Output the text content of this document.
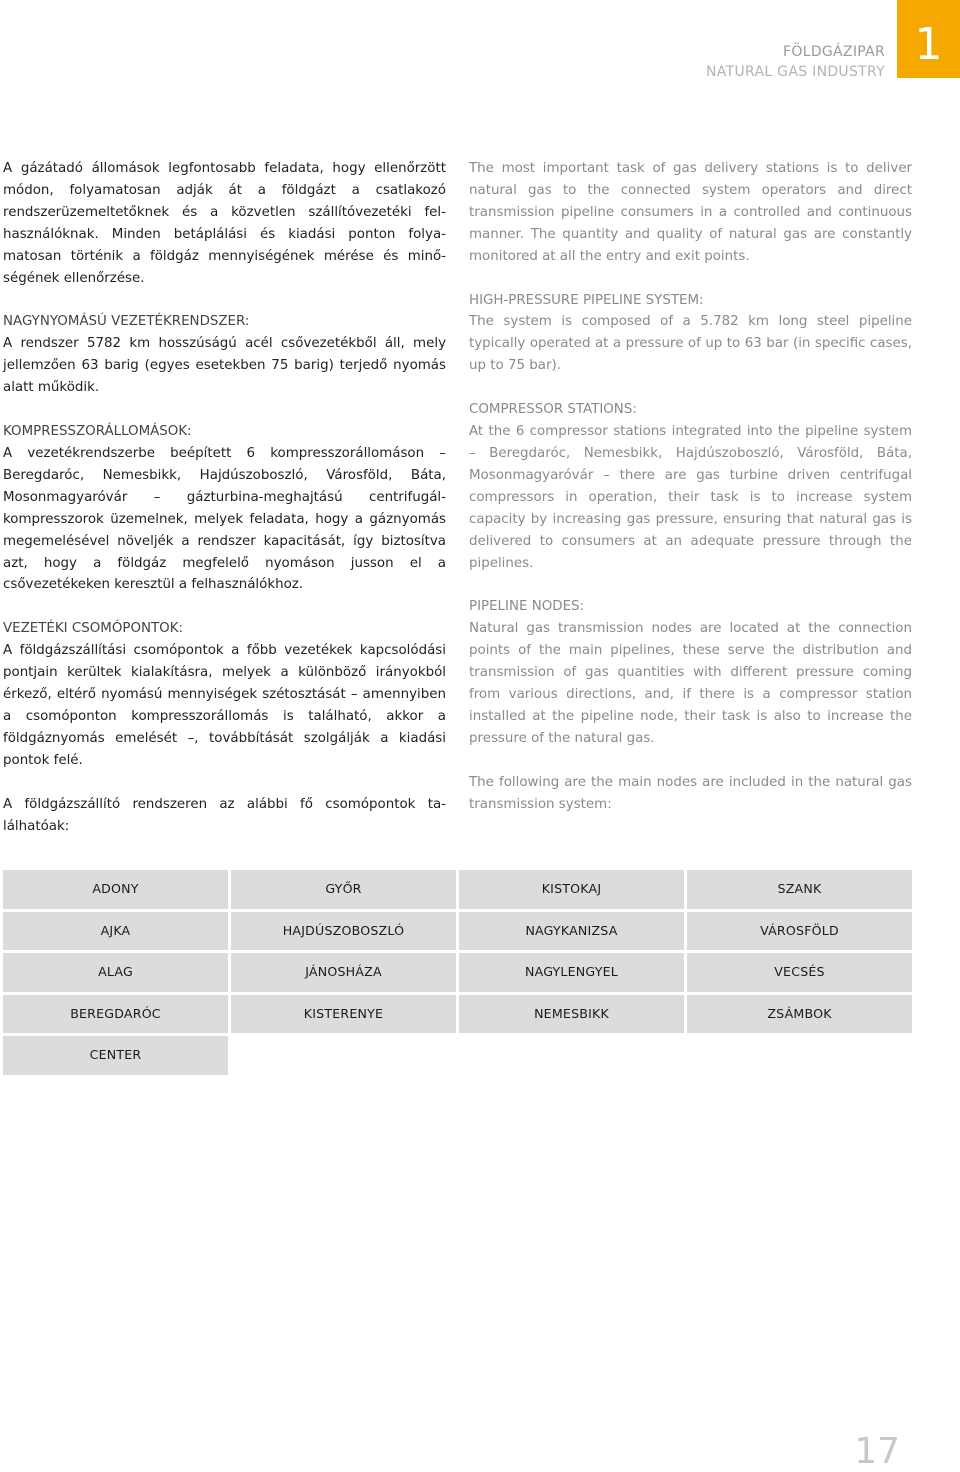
FÖLDGÁZIPAR
NATURAL GAS INDUSTRY
1

A gázátadó állomások legfontosabb feladata, hogy ellenőrzött módon, folyamatosan adják át a földgázt a csatlakozó rendszerüzemeltetőknek és a közvetlen szállítóvezetéki felhasználóknak. Minden betáplálási és kiadási ponton folyamatosan történik a földgáz mennyiségének mérése és minőségének ellenőrzése.

NAGYNYOMÁSÚ VEZETÉKRENDSZER:
A rendszer 5782 km hosszúságú acél csővezetékből áll, mely jellemzően 63 barig (egyes esetekben 75 barig) terjedő nyomás alatt működik.

KOMPRESSZORÁLLOMÁSOK:
A vezetékrendszerbe beépített 6 kompresszorállomáson – Beregdaróc, Nemesbikk, Hajdúszoboszló, Városföld, Báta, Mosonmagyaróvár – gázturbina-meghajtású centrifugálkompresszorok üzemelnek, melyek feladata, hogy a gáznyomás megemelésével növeljék a rendszer kapacitását, így biztosítva azt, hogy a földgáz megfelelő nyomáson jusson el a csővezetékeken keresztül a felhasználókhoz.

VEZETÉKI CSOMÓPONTOK:
A földgázszállítási csomópontok a főbb vezetékek kapcsolódási pontjain kerültek kialakításra, melyek a különböző irányokból érkező, eltérő nyomású mennyiségek szétosztását – amennyiben a csomóponton kompresszorállomás is található, akkor a földgáznyomás emelését –, továbbítását szolgálják a kiadási pontok felé.

A földgázszállító rendszeren az alábbi fő csomópontok találhatóak:

The most important task of gas delivery stations is to deliver natural gas to the connected system operators and direct transmission pipeline consumers in a controlled and continuous manner. The quantity and quality of natural gas are constantly monitored at all the entry and exit points.

HIGH-PRESSURE PIPELINE SYSTEM:
The system is composed of a 5.782 km long steel pipeline typically operated at a pressure of up to 63 bar (in specific cases, up to 75 bar).

COMPRESSOR STATIONS:
At the 6 compressor stations integrated into the pipeline system – Beregdaróc, Nemesbikk, Hajdúszoboszló, Városföld, Báta, Mosonmagyaróvár – there are gas turbine driven centrifugal compressors in operation, their task is to increase system capacity by increasing gas pressure, ensuring that natural gas is delivered to consumers at an adequate pressure through the pipelines.

PIPELINE NODES:
Natural gas transmission nodes are located at the connection points of the main pipelines, these serve the distribution and transmission of gas quantities with different pressure coming from various directions, and, if there is a compressor station installed at the pipeline node, their task is also to increase the pressure of the natural gas.

The following are the main nodes are included in the natural gas transmission system:

ADONY	GYŐR	KISTOKAJ	SZANK
AJKA	HAJDÚSZOBOSZLÓ	NAGYKANIZSA	VÁROSFÖLD
ALAG	JÁNOSHÁZA	NAGYLENGYEL	VECSÉS
BEREGDARÓC	KISTERENYE	NEMESBIKK	ZSÁMBOK
CENTER
17
